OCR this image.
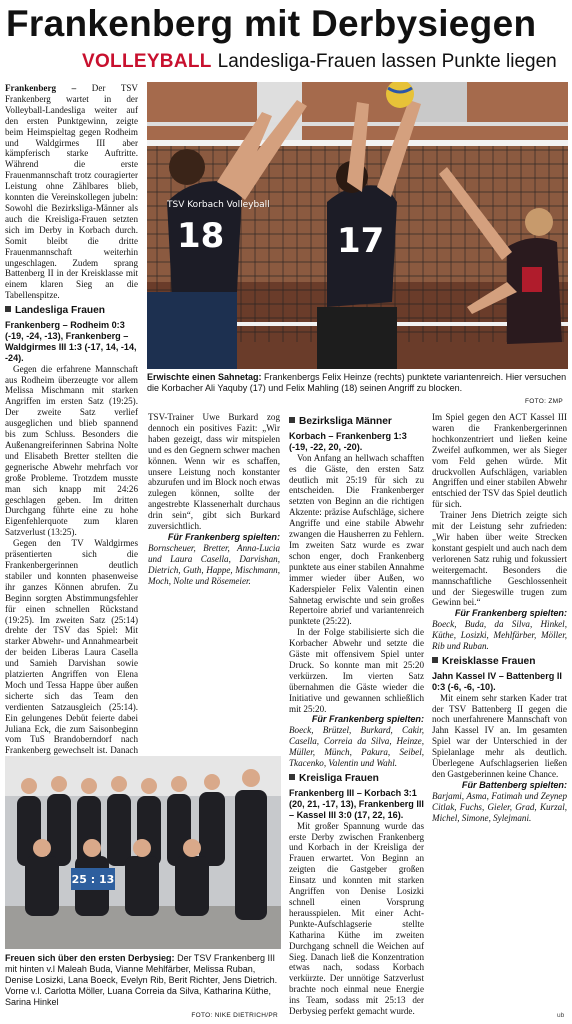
Frankenberg mit Derbysiegen
VOLLEYBALL Landesliga-Frauen lassen Punkte liegen

Frankenberg – Der TSV Frankenberg wartet in der Volleyball-Landesliga weiter auf den ersten Punktgewinn, zeigte beim Heimspieltag gegen Rodheim und Waldgirmes III aber kämpferisch starke Auftritte. Während die erste Frauenmannschaft trotz couragierter Leistung ohne Zählbares blieb, konnten die Vereinskollegen jubeln: Sowohl die Bezirksliga-Männer als auch die Kreisliga-Frauen setzten sich im Derby in Korbach durch. Somit bleibt die dritte Frauenmannschaft weiterhin ungeschlagen. Zudem sprang Battenberg II in der Kreisklasse mit einem klaren Sieg an die Tabellenspitze.

Landesliga Frauen

Frankenberg – Rodheim 0:3 (-19, -24, -13), Frankenberg – Waldgirmes III 1:3 (-17, 14, -14, -24).

Gegen die erfahrene Mannschaft aus Rodheim überzeugte vor allem Melissa Mischmann mit starken Angriffen im ersten Satz (19:25). Der zweite Satz verlief ausgeglichen und blieb spannend bis zum Schluss. Besonders die Außenangreiferinnen Sabrina Nolte und Elisabeth Bretter stellten die gegnerische Abwehr mehrfach vor große Probleme. Trotzdem musste man sich knapp mit 24:26 geschlagen geben. Im dritten Durchgang führte eine zu hohe Eigenfehlerquote zum klaren Satzverlust (13:25).

Gegen den TV Waldgirmes präsentierten sich die Frankenbergerinnen deutlich stabiler und konnten phasenweise ihr ganzes Können abrufen. Zu Beginn sorgten Abstimmungsfehler für einen schnellen Rückstand (19:25). Im zweiten Satz (25:14) drehte der TSV das Spiel: Mit starker Abwehr- und Annahmearbeit der beiden Liberas Laura Casella und Samieh Darvishan sowie platzierten Angriffen von Elena Moch und Tessa Happe über außen sicherte sich das Team den verdienten Satzausgleich (25:14). Ein gelungenes Debüt feierte dabei Juliana Eck, die zum Saisonbeginn vom TuS Brandoberndorf nach Frankenberg gewechselt ist. Danach

18
TSV Korbach Volleyball
17
Erwischte einen Sahnetag: Frankenbergs Felix Heinze (rechts) punktete variantenreich. Hier versuchen die Korbacher Ali Yaquby (17) und Felix Mahling (18) seinen Angriff zu blocken.
FOTO: ZMP

TSV-Trainer Uwe Burkard zog dennoch ein positives Fazit: „Wir haben gezeigt, dass wir mitspielen und es den Gegnern schwer machen können. Wenn wir es schaffen, unsere Leistung noch konstanter abzurufen und im Block noch etwas zulegen können, sollte der angestrebte Klassenerhalt durchaus drin sein“, gibt sich Burkard zuversichtlich.

Für Frankenberg spielten:

Bornscheuer, Bretter, Anna-Lucia und Laura Casella, Darvishan, Dietrich, Guth, Happe, Mischmann, Moch, Nolte und Rösemeier.

Bezirksliga Männer

Korbach – Frankenberg 1:3 (-19, -22, 20, -20).

Von Anfang an hellwach schafften es die Gäste, den ersten Satz deutlich mit 25:19 für sich zu entscheiden. Die Frankenberger setzten von Beginn an die richtigen Akzente: präzise Aufschläge, sichere Angriffe und eine stabile Abwehr zwangen die Hausherren zu Fehlern. Im zweiten Satz wurde es zwar schon enger, doch Frankenberg punktete aus einer stabilen Annahme immer wieder über Außen, wo Kaderspieler Felix Valentin einen Sahnetag erwischte und sein großes Repertoire abrief und variantenreich punktete (25:22).

In der Folge stabilisierte sich die Korbacher Abwehr und setzte die Gäste mit offensivem Spiel unter Druck. So konnte man mit 25:20 verkürzen. Im vierten Satz übernahmen die Gäste wieder die Initiative und gewannen schließlich mit 25:20.

Für Frankenberg spielten:

Boeck, Brützel, Burkard, Cakir, Casella, Correia da Silva, Heinze, Müller, Münch, Pakura, Seibel, Tkacenko, Valentin und Wahl.

Kreisliga Frauen

Frankenberg III – Korbach 3:1 (20, 21, -17, 13), Frankenberg III – Kassel III 3:0 (17, 22, 16).

Mit großer Spannung wurde das erste Derby zwischen Frankenberg und Korbach in der Kreisliga der Frauen erwartet. Von Beginn an zeigten die Gastgeber großen Einsatz und konnten mit starken Angriffen von Denise Losizki schnell einen Vorsprung herausspielen. Mit einer Acht-Punkte-Aufschlagserie stellte Katharina Küthe im zweiten Durchgang schnell die Weichen auf Sieg. Danach ließ die Konzentration etwas nach, sodass Korbach verkürzte. Der unnötige Satzverlust brachte noch einmal neue Energie ins Team, sodass mit 25:13 der Derbysieg perfekt gemacht wurde.

Im Spiel gegen den ACT Kassel III waren die Frankenbergerinnen hochkonzentriert und ließen keine Zweifel aufkommen, wer als Sieger vom Feld gehen würde. Mit druckvollen Aufschlägen, variablen Angriffen und einer stabilen Abwehr entschied der TSV das Spiel deutlich für sich.

Trainer Jens Dietrich zeigte sich mit der Leistung sehr zufrieden: „Wir haben über weite Strecken konstant gespielt und auch nach dem verlorenen Satz ruhig und fokussiert weitergemacht. Besonders die mannschaftliche Geschlossenheit und der Siegeswille trugen zum Gewinn bei.“

Für Frankenberg spielten:

Boeck, Buda, da Silva, Hinkel, Küthe, Losizki, Mehlfärber, Möller, Rib und Ruban.

Kreisklasse Frauen

Jahn Kassel IV – Battenberg II 0:3 (-6, -6, -10).

Mit einem sehr starken Kader trat der TSV Battenberg II gegen die noch unerfahrenere Mannschaft von Jahn Kassel IV an. Im gesamten Spiel war der Unterschied in der Spielanlage mehr als deutlich. Überlegene Aufschlagserien ließen den Gastgeberinnen keine Chance.

Für Battenberg spielten:

Barjami, Asma, Fatimah und Zeynep Citlak, Fuchs, Gieler, Grad, Kurzal, Michel, Simone, Sylejmani.

25 : 13
Freuen sich über den ersten Derbysieg: Der TSV Frankenberg III mit hinten v.l Maleah Buda, Vianne Mehlfärber, Melissa Ruban, Denise Losizki, Lana Boeck, Evelyn Rib, Berit Richter, Jens Dietrich. Vorne v.l. Carlotta Möller, Luana Correia da Silva, Katharina Küthe, Sarina Hinkel
FOTO: NIKE DIETRICH/PR	ub
